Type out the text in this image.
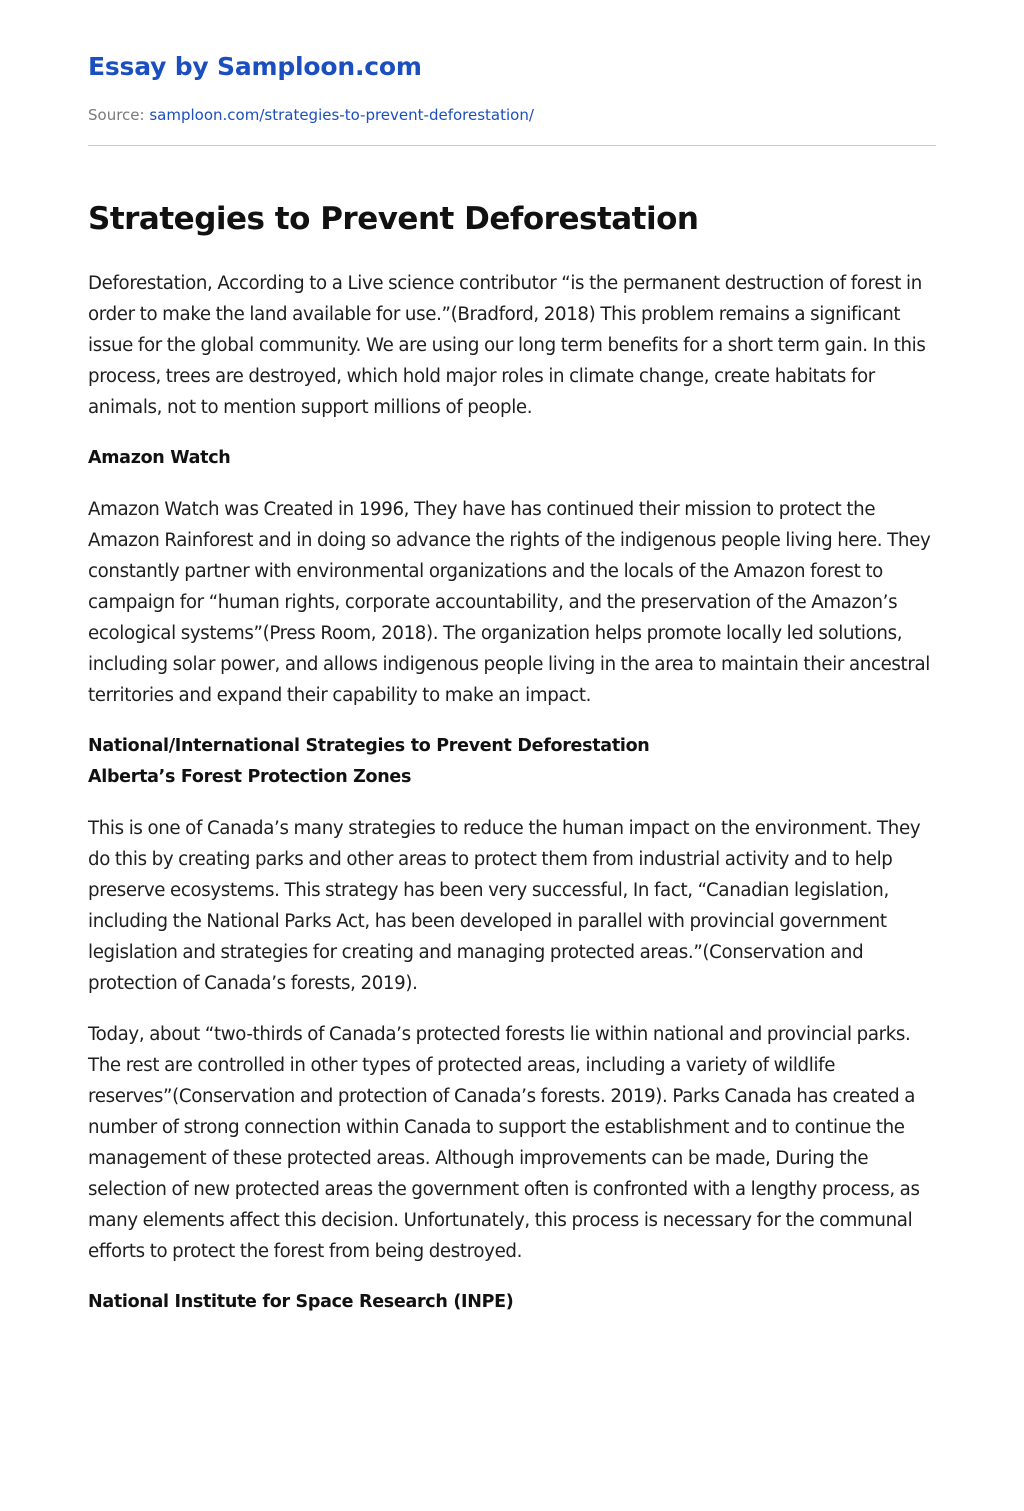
Essay by Samploon.com
Source: samploon.com/strategies-to-prevent-deforestation/
Strategies to Prevent Deforestation

Deforestation, According to a Live science contributor “is the permanent destruction of forest in order to make the land available for use.”(Bradford, 2018) This problem remains a significant issue for the global community. We are using our long term benefits for a short term gain. In this process, trees are destroyed, which hold major roles in climate change, create habitats for animals, not to mention support millions of people.

Amazon Watch

Amazon Watch was Created in 1996, They have has continued their mission to protect the Amazon Rainforest and in doing so advance the rights of the indigenous people living here. They constantly partner with environmental organizations and the locals of the Amazon forest to campaign for “human rights, corporate accountability, and the preservation of the Amazon’s ecological systems”(Press Room, 2018). The organization helps promote locally led solutions, including solar power, and allows indigenous people living in the area to maintain their ancestral territories and expand their capability to make an impact.

National/International Strategies to Prevent Deforestation
Alberta’s Forest Protection Zones

This is one of Canada’s many strategies to reduce the human impact on the environment. They do this by creating parks and other areas to protect them from industrial activity and to help preserve ecosystems. This strategy has been very successful, In fact, “Canadian legislation, including the National Parks Act, has been developed in parallel with provincial government legislation and strategies for creating and managing protected areas.”(Conservation and protection of Canada’s forests, 2019).

Today, about “two-thirds of Canada’s protected forests lie within national and provincial parks. The rest are controlled in other types of protected areas, including a variety of wildlife reserves”(Conservation and protection of Canada’s forests. 2019). Parks Canada has created a number of strong connection within Canada to support the establishment and to continue the management of these protected areas. Although improvements can be made, During the selection of new protected areas the government often is confronted with a lengthy process, as many elements affect this decision. Unfortunately, this process is necessary for the communal efforts to protect the forest from being destroyed.

National Institute for Space Research (INPE)
